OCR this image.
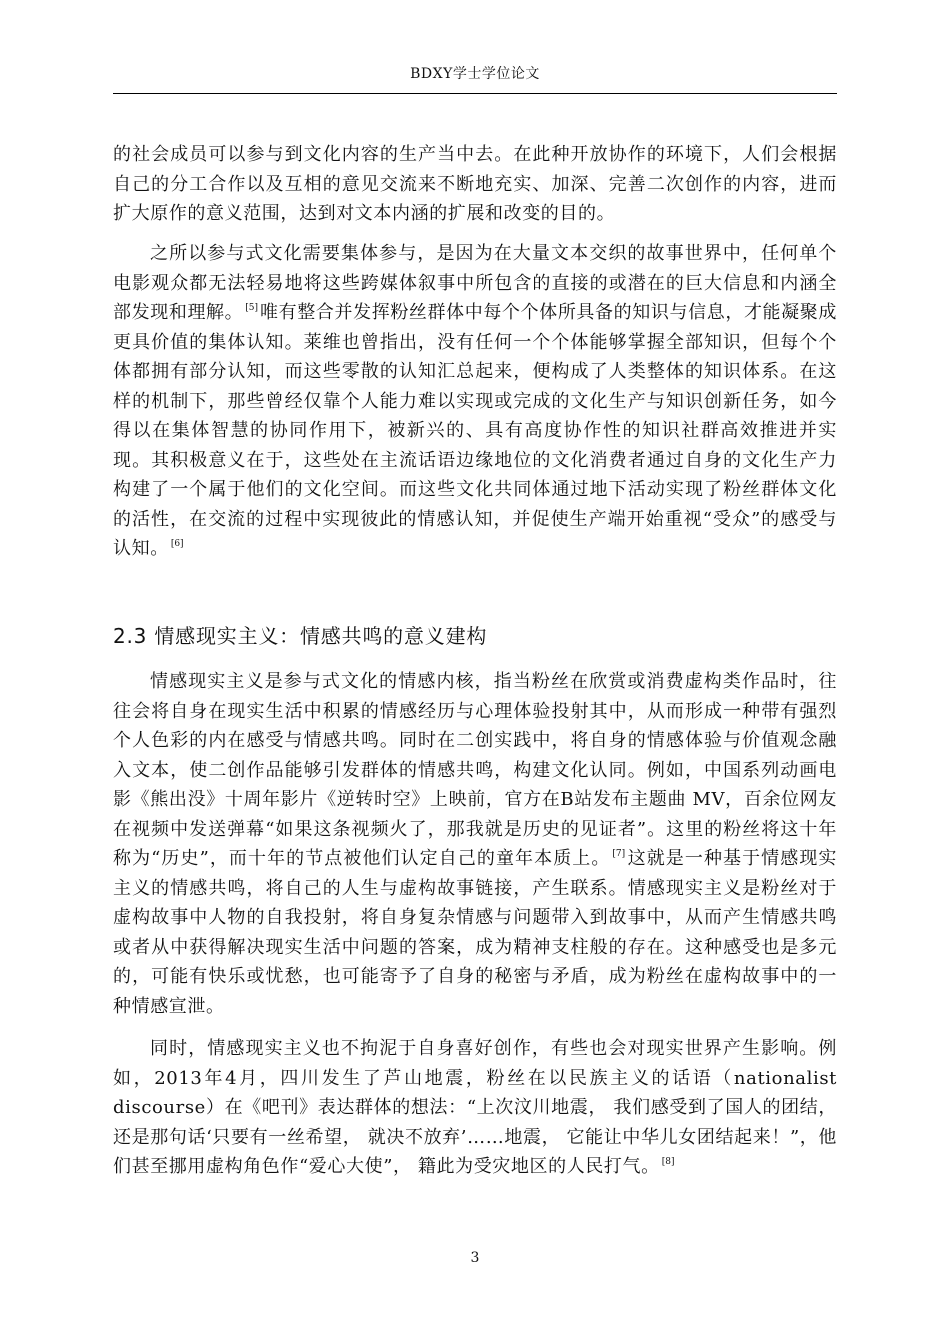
BDXY学士学位论文

的社会成员可以参与到文化内容的生产当中去。在此种开放协作的环境下，人们会根据自己的分工合作以及互相的意见交流来不断地充实、加深、完善二次创作的内容，进而扩大原作的意义范围，达到对文本内涵的扩展和改变的目的。

之所以参与式文化需要集体参与，是因为在大量文本交织的故事世界中，任何单个电影观众都无法轻易地将这些跨媒体叙事中所包含的直接的或潜在的巨大信息和内涵全部发现和理解。 [5] 唯有整合并发挥粉丝群体中每个个体所具备的知识与信息，才能凝聚成更具价值的集体认知。莱维也曾指出，没有任何一个个体能够掌握全部知识，但每个个体都拥有部分认知，而这些零散的认知汇总起来，便构成了人类整体的知识体系。在这样的机制下，那些曾经仅靠个人能力难以实现或完成的文化生产与知识创新任务，如今得以在集体智慧的协同作用下，被新兴的、具有高度协作性的知识社群高效推进并实现。其积极意义在于，这些处在主流话语边缘地位的文化消费者通过自身的文化生产力构建了一个属于他们的文化空间。而这些文化共同体通过地下活动实现了粉丝群体文化的活性，在交流的过程中实现彼此的情感认知，并促使生产端开始重视“受众”的感受与认知。 [6]

2.3 情感现实主义：情感共鸣的意义建构

情感现实主义是参与式文化的情感内核，指当粉丝在欣赏或消费虚构类作品时，往往会将自身在现实生活中积累的情感经历与心理体验投射其中，从而形成一种带有强烈个人色彩的内在感受与情感共鸣。同时在二创实践中，将自身的情感体验与价值观念融入文本，使二创作品能够引发群体的情感共鸣，构建文化认同。例如，中国系列动画电影《熊出没》十周年影片《逆转时空》上映前，官方在B站发布主题曲 MV，百余位网友在视频中发送弹幕“如果这条视频火了，那我就是历史的见证者”。这里的粉丝将这十年称为“历史”，而十年的节点被他们认定自己的童年本质上。 [7] 这就是一种基于情感现实主义的情感共鸣，将自己的人生与虚构故事链接，产生联系。情感现实主义是粉丝对于虚构故事中人物的自我投射，将自身复杂情感与问题带入到故事中，从而产生情感共鸣或者从中获得解决现实生活中问题的答案，成为精神支柱般的存在。这种感受也是多元的，可能有快乐或忧愁，也可能寄予了自身的秘密与矛盾，成为粉丝在虚构故事中的一种情感宣泄。

同时，情感现实主义也不拘泥于自身喜好创作，有些也会对现实世界产生影响。例如，2013年4月，四川发生了芦山地震，粉丝在以民族主义的话语（nationalist discourse）在《吧刊》表达群体的想法：“上次汶川地震， 我们感受到了国人的团结， 还是那句话‘只要有一丝希望， 就决不放弃’……地震， 它能让中华儿女团结起来！”，他们甚至挪用虚构角色作“爱心大使”， 籍此为受灾地区的人民打气。 [8]

3
